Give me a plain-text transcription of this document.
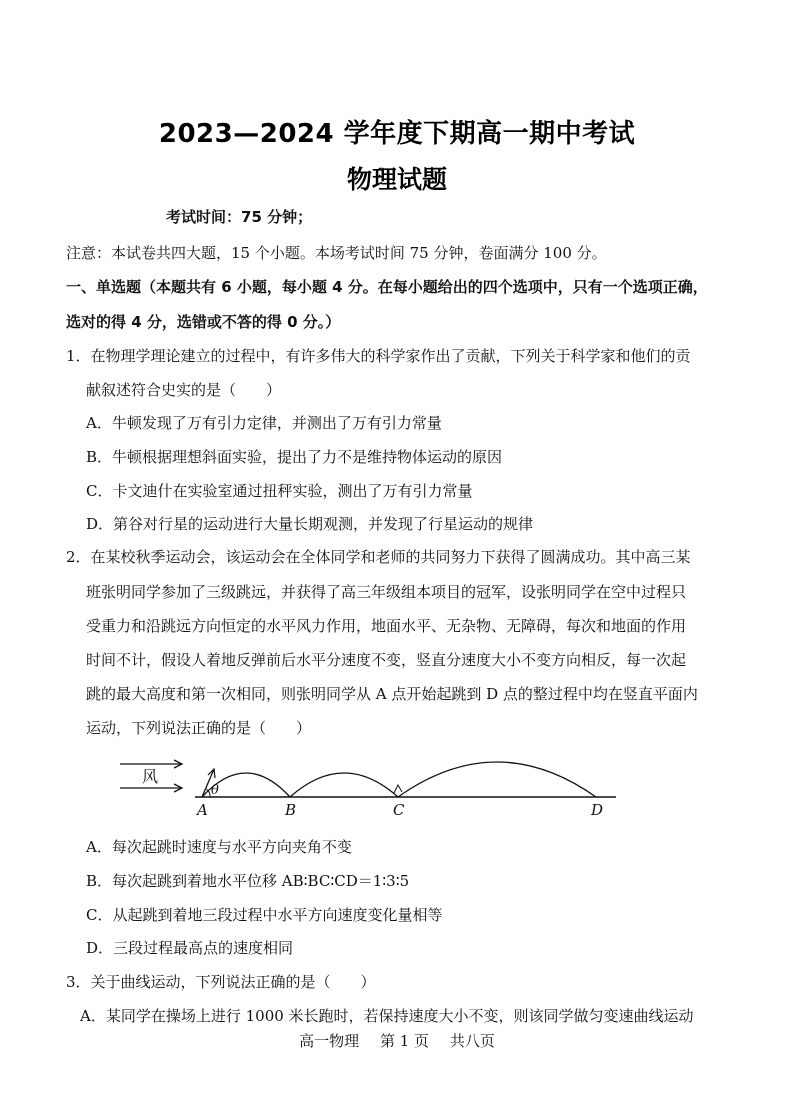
2023—2024 学年度下期高一期中考试
物理试题
考试时间：75 分钟；
注意：本试卷共四大题，15 个小题。本场考试时间 75 分钟，卷面满分 100 分。
一、单选题（本题共有 6 小题，每小题 4 分。在每小题给出的四个选项中，只有一个选项正确，
选对的得 4 分，选错或不答的得 0 分。）
1．在物理学理论建立的过程中，有许多伟大的科学家作出了贡献，下列关于科学家和他们的贡
献叙述符合史实的是（　　）
A．牛顿发现了万有引力定律，并测出了万有引力常量
B．牛顿根据理想斜面实验，提出了力不是维持物体运动的原因
C．卡文迪什在实验室通过扭秤实验，测出了万有引力常量
D．第谷对行星的运动进行大量长期观测，并发现了行星运动的规律
2．在某校秋季运动会，该运动会在全体同学和老师的共同努力下获得了圆满成功。其中高三某
班张明同学参加了三级跳远，并获得了高三年级组本项目的冠军，设张明同学在空中过程只
受重力和沿跳远方向恒定的水平风力作用，地面水平、无杂物、无障碍，每次和地面的作用
时间不计，假设人着地反弹前后水平分速度不变，竖直分速度大小不变方向相反，每一次起
跳的最大高度和第一次相同，则张明同学从 A 点开始起跳到 D 点的整过程中均在竖直平面内
运动，下列说法正确的是（　　）
风
θ
A	B	C	D
A．每次起跳时速度与水平方向夹角不变
B．每次起跳到着地水平位移 AB∶BC∶CD＝1∶3∶5
C．从起跳到着地三段过程中水平方向速度变化量相等
D．三段过程最高点的速度相同
3．关于曲线运动，下列说法正确的是（　　）
A．某同学在操场上进行 1000 米长跑时，若保持速度大小不变，则该同学做匀变速曲线运动
高一物理 第 1 页 共八页
